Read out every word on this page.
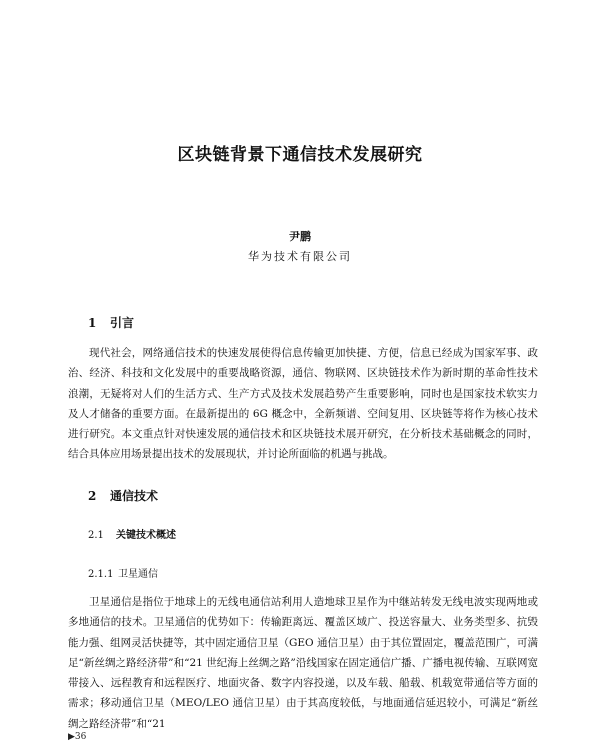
区块链背景下通信技术发展研究
尹鹏
华为技术有限公司
1 引言
现代社会，网络通信技术的快速发展使得信息传输更加快捷、方便，信息已经成为国家军事、政治、经济、科技和文化发展中的重要战略资源，通信、物联网、区块链技术作为新时期的革命性技术浪潮，无疑将对人们的生活方式、生产方式及技术发展趋势产生重要影响，同时也是国家技术软实力及人才储备的重要方面。在最新提出的 6G 概念中，全新频谱、空间复用、区块链等将作为核心技术进行研究。本文重点针对快速发展的通信技术和区块链技术展开研究，在分析技术基础概念的同时，结合具体应用场景提出技术的发展现状，并讨论所面临的机遇与挑战。
2 通信技术
2.1 关键技术概述
2.1.1 卫星通信
卫星通信是指位于地球上的无线电通信站利用人造地球卫星作为中继站转发无线电波实现两地或多地通信的技术。卫星通信的优势如下：传输距离远、覆盖区域广、投送容量大、业务类型多、抗毁能力强、组网灵活快捷等，其中固定通信卫星（GEO 通信卫星）由于其位置固定，覆盖范围广，可满足“新丝绸之路经济带”和“21 世纪海上丝绸之路”沿线国家在固定通信广播、广播电视传输、互联网宽带接入、远程教育和远程医疗、地面灾备、数字内容投递，以及车载、船载、机载宽带通信等方面的需求；移动通信卫星（MEO/LEO 通信卫星）由于其高度较低，与地面通信延迟较小，可满足“新丝绸之路经济带”和“21
▶36
